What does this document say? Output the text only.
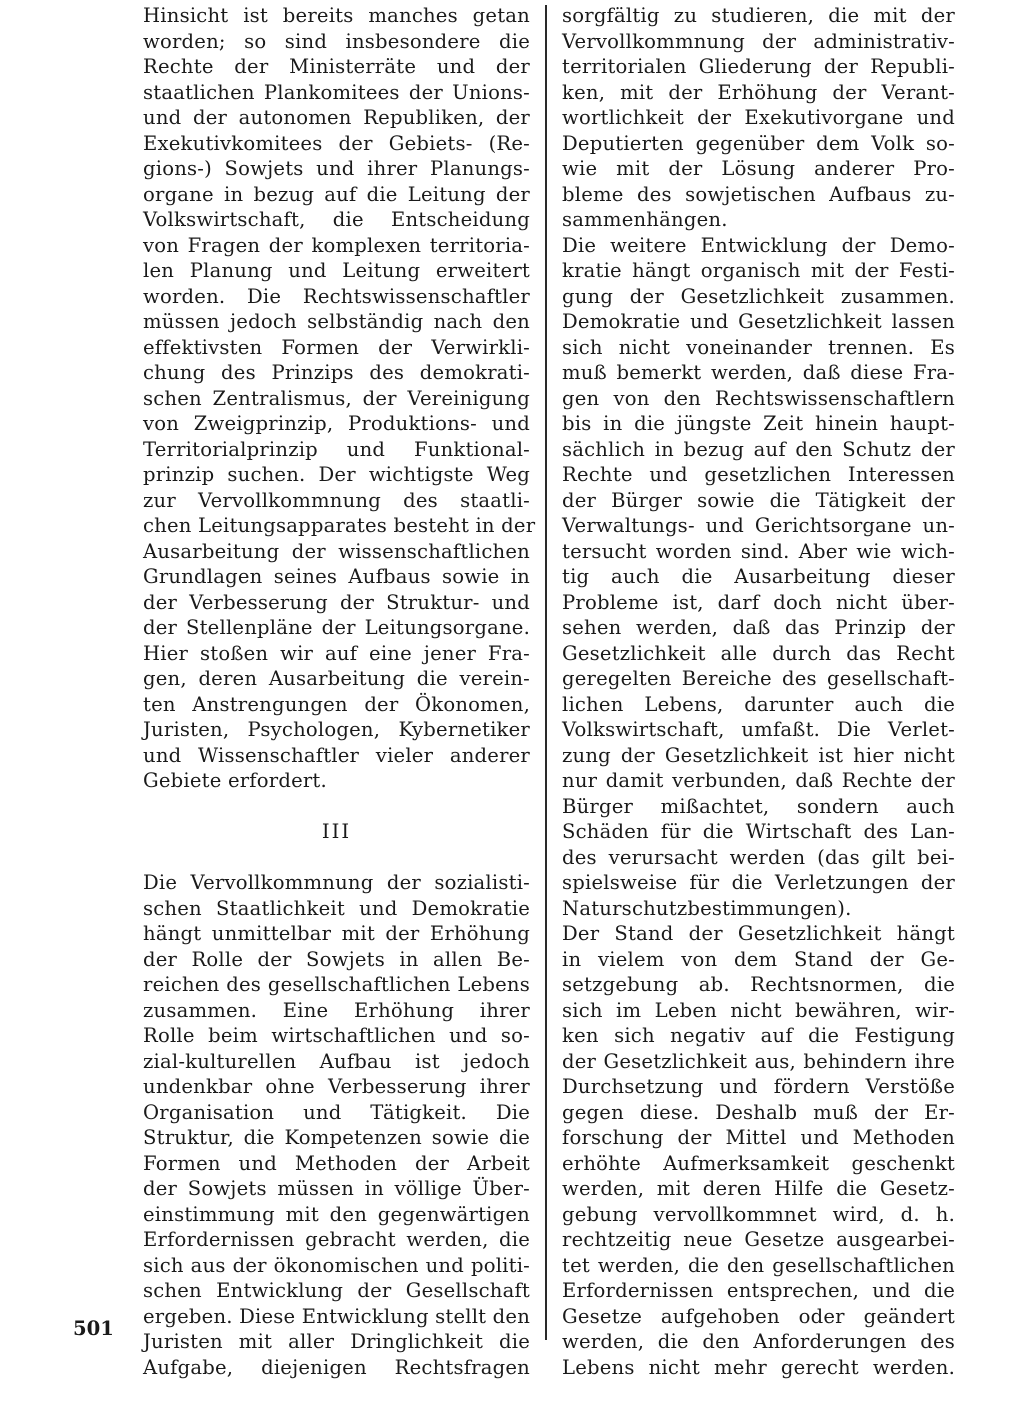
Hinsicht ist bereits manches getan
worden; so sind insbesondere die
Rechte der Ministerräte und der
staatlichen Plankomitees der Unions-
und der autonomen Republiken, der
Exekutivkomitees der Gebiets- (Re-
gions-) Sowjets und ihrer Planungs-
organe in bezug auf die Leitung der
Volkswirtschaft, die Entscheidung
von Fragen der komplexen territoria-
len Planung und Leitung erweitert
worden. Die Rechtswissenschaftler
müssen jedoch selbständig nach den
effektivsten Formen der Verwirkli-
chung des Prinzips des demokrati-
schen Zentralismus, der Vereinigung
von Zweigprinzip, Produktions- und
Territorialprinzip und Funktional-
prinzip suchen. Der wichtigste Weg
zur Vervollkommnung des staatli-
chen Leitungsapparates besteht in der
Ausarbeitung der wissenschaftlichen
Grundlagen seines Aufbaus sowie in
der Verbesserung der Struktur- und
der Stellenpläne der Leitungsorgane.
Hier stoßen wir auf eine jener Fra-
gen, deren Ausarbeitung die verein-
ten Anstrengungen der Ökonomen,
Juristen, Psychologen, Kybernetiker
und Wissenschaftler vieler anderer
Gebiete erfordert.
III
Die Vervollkommnung der sozialisti-
schen Staatlichkeit und Demokratie
hängt unmittelbar mit der Erhöhung
der Rolle der Sowjets in allen Be-
reichen des gesellschaftlichen Lebens
zusammen. Eine Erhöhung ihrer
Rolle beim wirtschaftlichen und so-
zial-kulturellen Aufbau ist jedoch
undenkbar ohne Verbesserung ihrer
Organisation und Tätigkeit. Die
Struktur, die Kompetenzen sowie die
Formen und Methoden der Arbeit
der Sowjets müssen in völlige Über-
einstimmung mit den gegenwärtigen
Erfordernissen gebracht werden, die
sich aus der ökonomischen und politi-
schen Entwicklung der Gesellschaft
ergeben. Diese Entwicklung stellt den
Juristen mit aller Dringlichkeit die
Aufgabe, diejenigen Rechtsfragen
sorgfältig zu studieren, die mit der
Vervollkommnung der administrativ-
territorialen Gliederung der Republi-
ken, mit der Erhöhung der Verant-
wortlichkeit der Exekutivorgane und
Deputierten gegenüber dem Volk so-
wie mit der Lösung anderer Pro-
bleme des sowjetischen Aufbaus zu-
sammenhängen.
Die weitere Entwicklung der Demo-
kratie hängt organisch mit der Festi-
gung der Gesetzlichkeit zusammen.
Demokratie und Gesetzlichkeit lassen
sich nicht voneinander trennen. Es
muß bemerkt werden, daß diese Fra-
gen von den Rechtswissenschaftlern
bis in die jüngste Zeit hinein haupt-
sächlich in bezug auf den Schutz der
Rechte und gesetzlichen Interessen
der Bürger sowie die Tätigkeit der
Verwaltungs- und Gerichtsorgane un-
tersucht worden sind. Aber wie wich-
tig auch die Ausarbeitung dieser
Probleme ist, darf doch nicht über-
sehen werden, daß das Prinzip der
Gesetzlichkeit alle durch das Recht
geregelten Bereiche des gesellschaft-
lichen Lebens, darunter auch die
Volkswirtschaft, umfaßt. Die Verlet-
zung der Gesetzlichkeit ist hier nicht
nur damit verbunden, daß Rechte der
Bürger mißachtet, sondern auch
Schäden für die Wirtschaft des Lan-
des verursacht werden (das gilt bei-
spielsweise für die Verletzungen der
Naturschutzbestimmungen).
Der Stand der Gesetzlichkeit hängt
in vielem von dem Stand der Ge-
setzgebung ab. Rechtsnormen, die
sich im Leben nicht bewähren, wir-
ken sich negativ auf die Festigung
der Gesetzlichkeit aus, behindern ihre
Durchsetzung und fördern Verstöße
gegen diese. Deshalb muß der Er-
forschung der Mittel und Methoden
erhöhte Aufmerksamkeit geschenkt
werden, mit deren Hilfe die Gesetz-
gebung vervollkommnet wird, d. h.
rechtzeitig neue Gesetze ausgearbei-
tet werden, die den gesellschaftlichen
Erfordernissen entsprechen, und die
Gesetze aufgehoben oder geändert
werden, die den Anforderungen des
Lebens nicht mehr gerecht werden.
501
